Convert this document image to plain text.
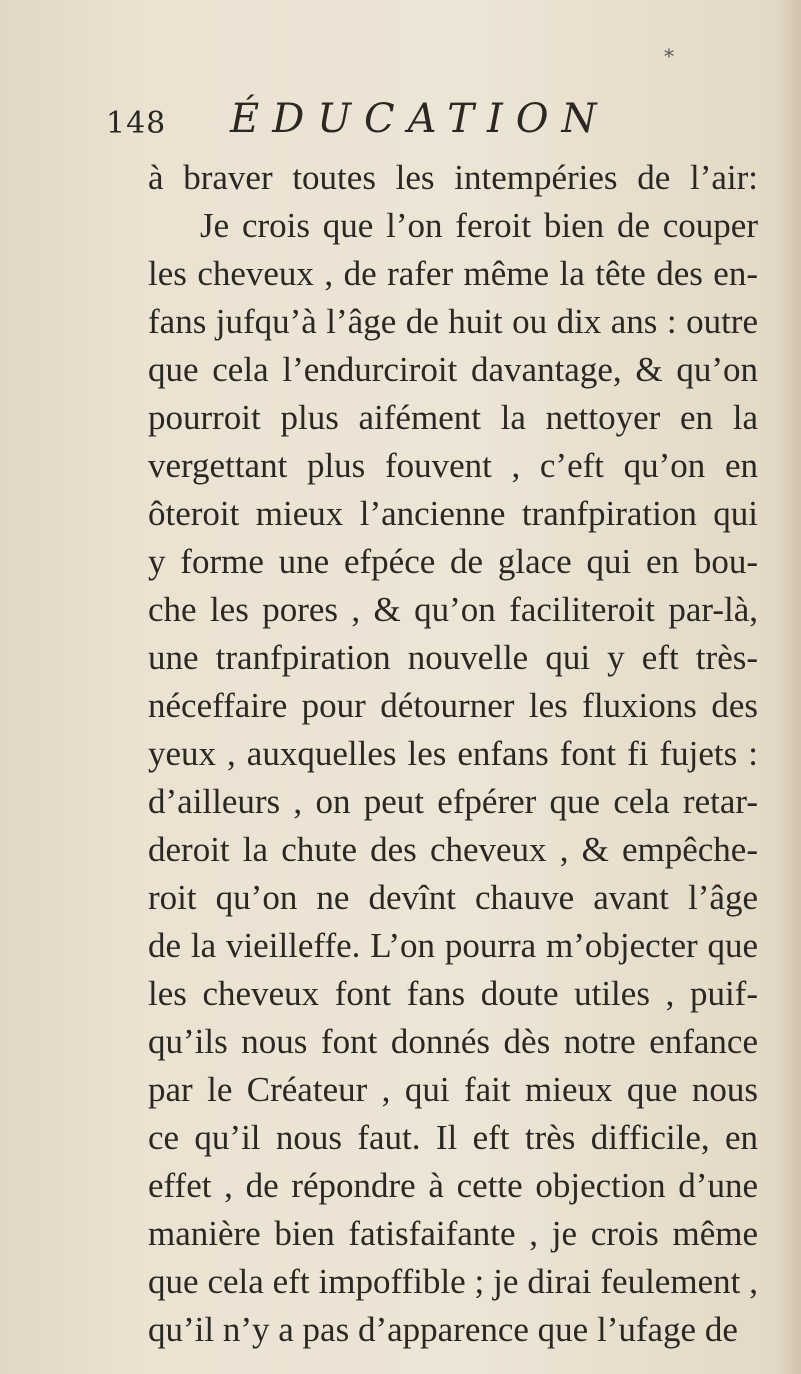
*
148 ÉDUCATION
à braver toutes les intempéries de l’air:
Je crois que l’on feroit bien de couper
les cheveux , de rafer même la tête des en-
fans jufqu’à l’âge de huit ou dix ans : outre
que cela l’endurciroit davantage, & qu’on
pourroit plus aifément la nettoyer en la
vergettant plus fouvent , c’eft qu’on en
ôteroit mieux l’ancienne tranfpiration qui
y forme une efpéce de glace qui en bou-
che les pores , & qu’on faciliteroit par-là,
une tranfpiration nouvelle qui y eft très-
néceffaire pour détourner les fluxions des
yeux , auxquelles les enfans font fi fujets :
d’ailleurs , on peut efpérer que cela retar-
deroit la chute des cheveux , & empêche-
roit qu’on ne devînt chauve avant l’âge
de la vieilleffe. L’on pourra m’objecter que
les cheveux font fans doute utiles , puif-
qu’ils nous font donnés dès notre enfance
par le Créateur , qui fait mieux que nous
ce qu’il nous faut. Il eft très difficile, en
effet , de répondre à cette objection d’une
manière bien fatisfaifante , je crois même
que cela eft impoffible ; je dirai feulement ,
qu’il n’y a pas d’apparence que l’ufage de
